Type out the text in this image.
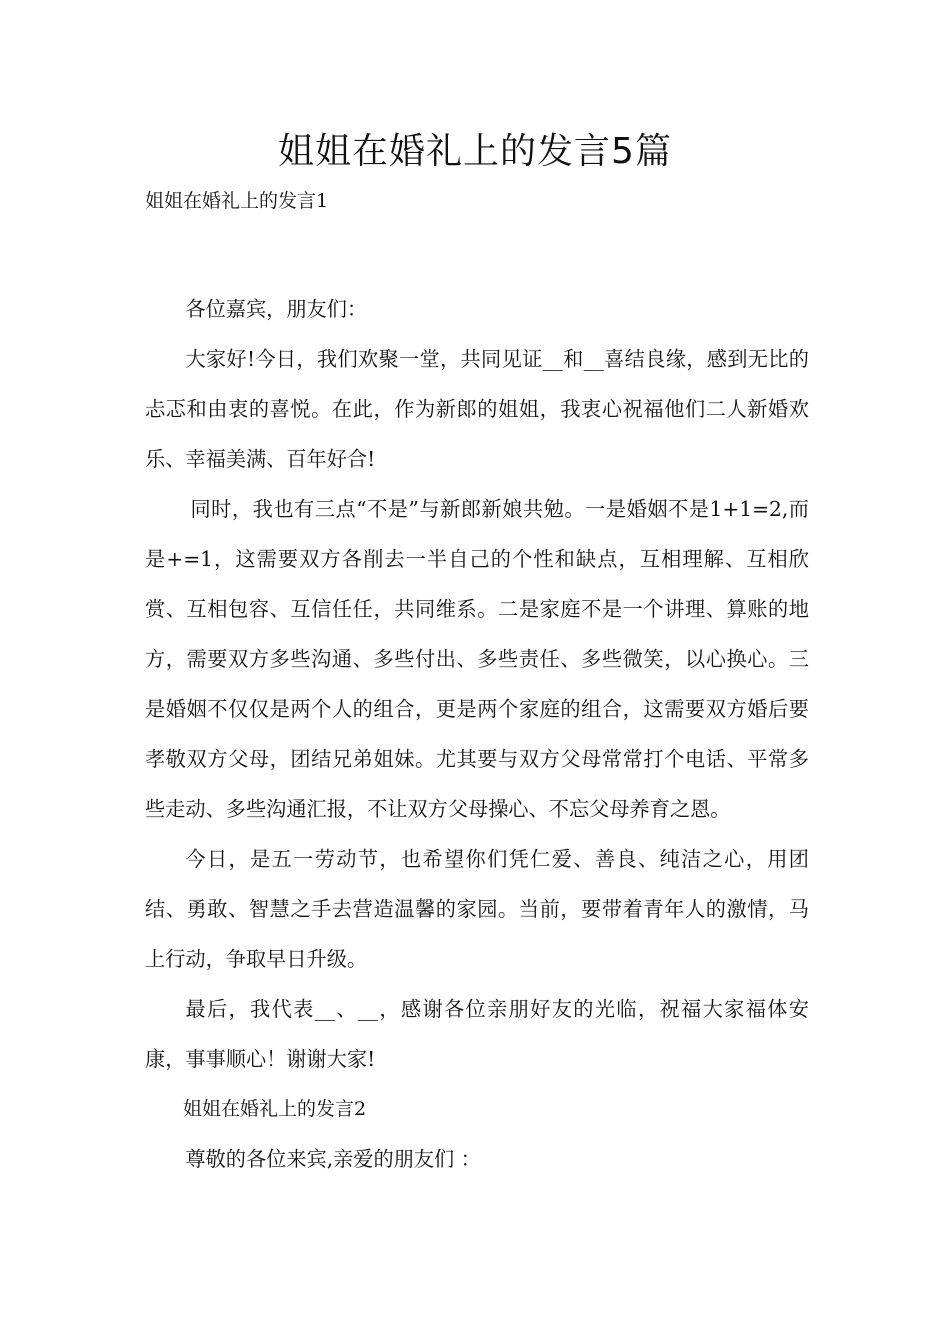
姐姐在婚礼上的发言5篇

姐姐在婚礼上的发言1

各位嘉宾，朋友们：

大家好!今日，我们欢聚一堂，共同见证__和__喜结良缘，感到无比的忐忑和由衷的喜悦。在此，作为新郎的姐姐，我衷心祝福他们二人新婚欢乐、幸福美满、百年好合!

同时，我也有三点“不是”与新郎新娘共勉。一是婚姻不是1+1=2,而是+=1，这需要双方各削去一半自己的个性和缺点，互相理解、互相欣赏、互相包容、互信任任，共同维系。二是家庭不是一个讲理、算账的地方，需要双方多些沟通、多些付出、多些责任、多些微笑，以心换心。三是婚姻不仅仅是两个人的组合，更是两个家庭的组合，这需要双方婚后要孝敬双方父母，团结兄弟姐妹。尤其要与双方父母常常打个电话、平常多些走动、多些沟通汇报，不让双方父母操心、不忘父母养育之恩。

今日，是五一劳动节，也希望你们凭仁爱、善良、纯洁之心，用团结、勇敢、智慧之手去营造温馨的家园。当前，要带着青年人的激情，马上行动，争取早日升级。

最后，我代表__、__，感谢各位亲朋好友的光临，祝福大家福体安康，事事顺心！谢谢大家!

姐姐在婚礼上的发言2

尊敬的各位来宾,亲爱的朋友们 ：
